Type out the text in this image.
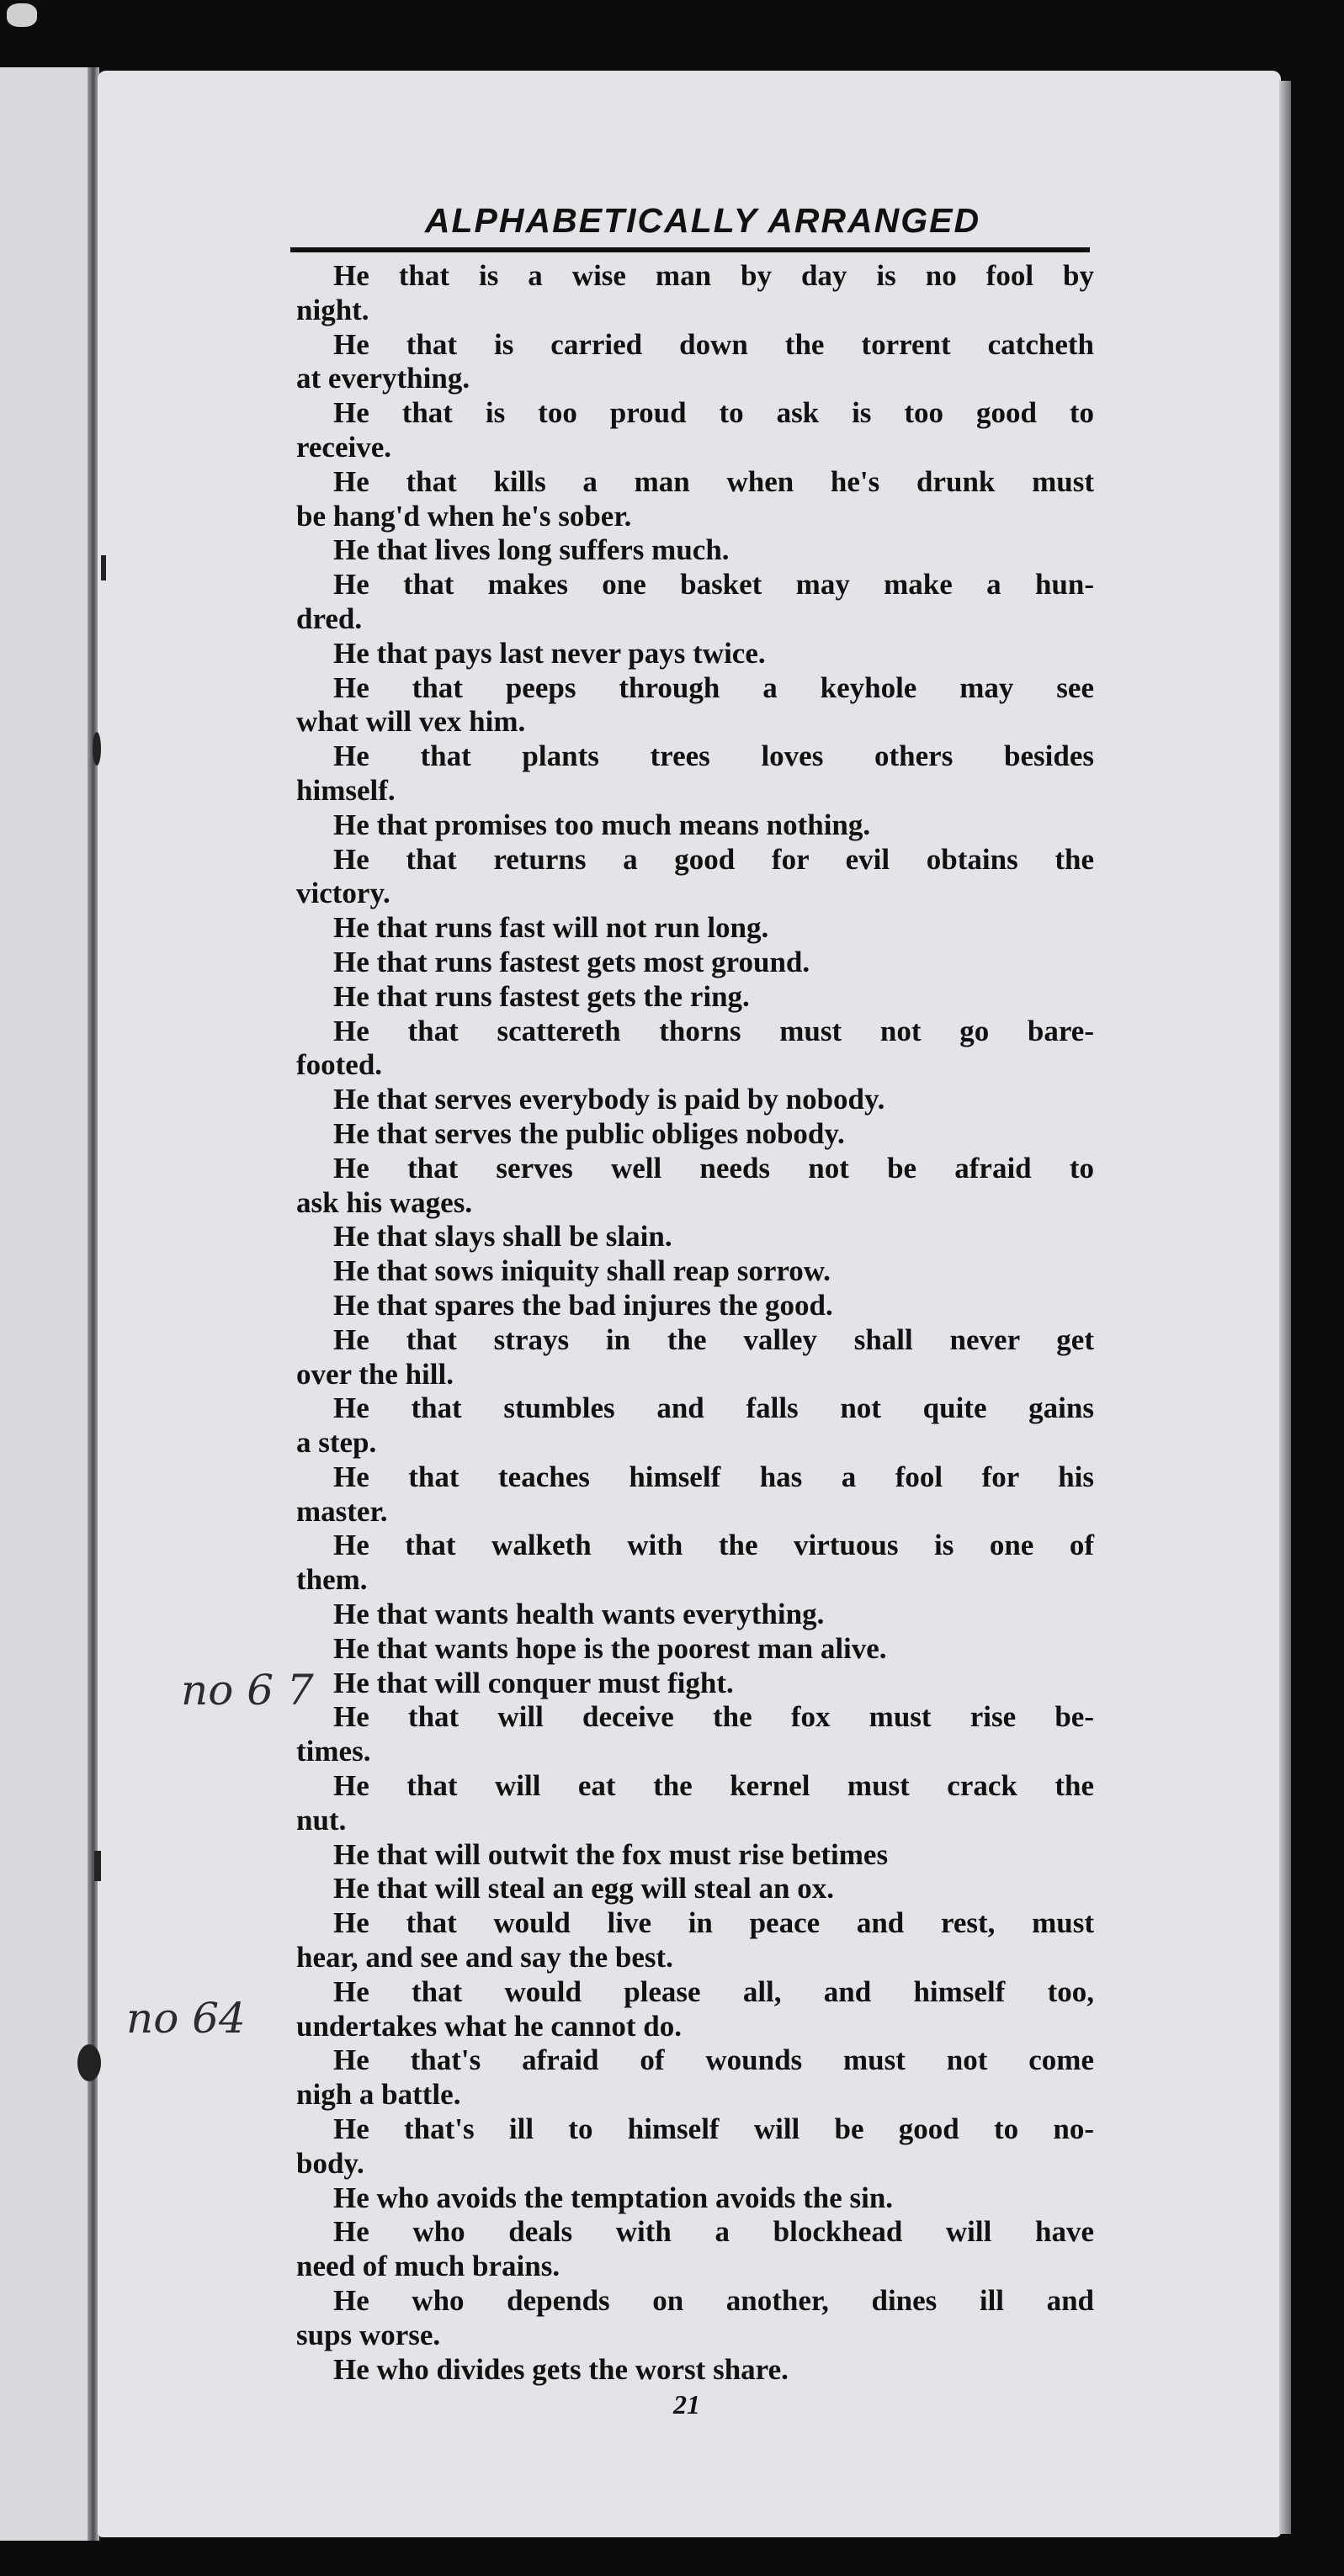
ALPHABETICALLY ARRANGED
He that is a wise man by day is no fool by
night.
He that is carried down the torrent catcheth
at everything.
He that is too proud to ask is too good to
receive.
He that kills a man when he's drunk must
be hang'd when he's sober.
He that lives long suffers much.
He that makes one basket may make a hun-
dred.
He that pays last never pays twice.
He that peeps through a keyhole may see
what will vex him.
He that plants trees loves others besides
himself.
He that promises too much means nothing.
He that returns a good for evil obtains the
victory.
He that runs fast will not run long.
He that runs fastest gets most ground.
He that runs fastest gets the ring.
He that scattereth thorns must not go bare-
footed.
He that serves everybody is paid by nobody.
He that serves the public obliges nobody.
He that serves well needs not be afraid to
ask his wages.
He that slays shall be slain.
He that sows iniquity shall reap sorrow.
He that spares the bad injures the good.
He that strays in the valley shall never get
over the hill.
He that stumbles and falls not quite gains
a step.
He that teaches himself has a fool for his
master.
He that walketh with the virtuous is one of
them.
He that wants health wants everything.
He that wants hope is the poorest man alive.
He that will conquer must fight.
He that will deceive the fox must rise be-
times.
He that will eat the kernel must crack the
nut.
He that will outwit the fox must rise betimes
He that will steal an egg will steal an ox.
He that would live in peace and rest, must
hear, and see and say the best.
He that would please all, and himself too,
undertakes what he cannot do.
He that's afraid of wounds must not come
nigh a battle.
He that's ill to himself will be good to no-
body.
He who avoids the temptation avoids the sin.
He who deals with a blockhead will have
need of much brains.
He who depends on another, dines ill and
sups worse.
He who divides gets the worst share.
no 6 7
no 64
21
